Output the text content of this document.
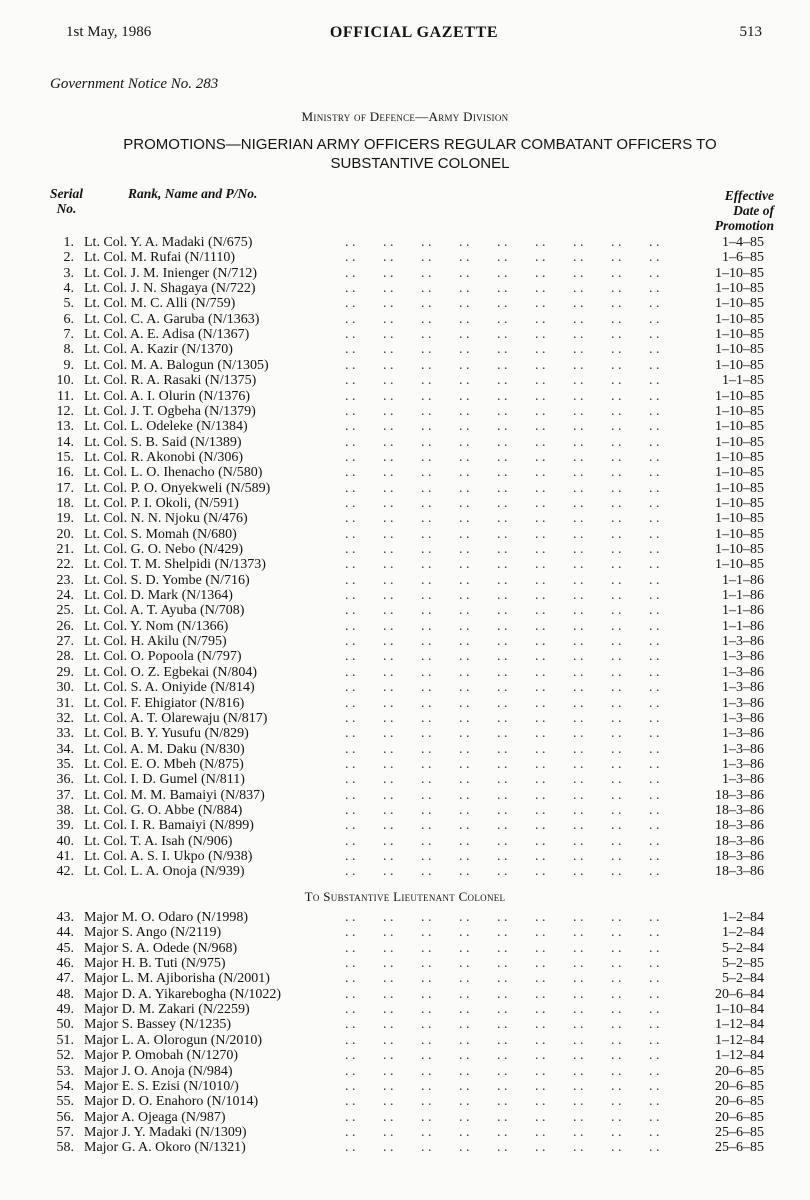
1st May, 1986	OFFICIAL GAZETTE	513
Government Notice No. 283
Ministry of Defence—Army Division
PROMOTIONS—NIGERIAN ARMY OFFICERS REGULAR COMBATANT OFFICERS TO
SUBSTANTIVE COLONEL
Serial
No.
Rank, Name and P/No.	Effective
Date of
Promotion
1. Lt. Col. Y. A. Madaki (N/675)	. . . . . . . . . . . . . . . . . .	1–4–85
2. Lt. Col. M. Rufai (N/1110)	. . . . . . . . . . . . . . . . . .	1–6–85
3. Lt. Col. J. M. Inienger (N/712)	. . . . . . . . . . . . . . . . . .	1–10–85
4. Lt. Col. J. N. Shagaya (N/722)	. . . . . . . . . . . . . . . . . .	1–10–85
5. Lt. Col. M. C. Alli (N/759)	. . . . . . . . . . . . . . . . . .	1–10–85
6. Lt. Col. C. A. Garuba (N/1363)	. . . . . . . . . . . . . . . . . .	1–10–85
7. Lt. Col. A. E. Adisa (N/1367)	. . . . . . . . . . . . . . . . . .	1–10–85
8. Lt. Col. A. Kazir (N/1370)	. . . . . . . . . . . . . . . . . .	1–10–85
9. Lt. Col. M. A. Balogun (N/1305)	. . . . . . . . . . . . . . . . . .	1–10–85
10. Lt. Col. R. A. Rasaki (N/1375)	. . . . . . . . . . . . . . . . . .	1–1–85
11. Lt. Col. A. I. Olurin (N/1376)	. . . . . . . . . . . . . . . . . .	1–10–85
12. Lt. Col. J. T. Ogbeha (N/1379)	. . . . . . . . . . . . . . . . . .	1–10–85
13. Lt. Col. L. Odeleke (N/1384)	. . . . . . . . . . . . . . . . . .	1–10–85
14. Lt. Col. S. B. Said (N/1389)	. . . . . . . . . . . . . . . . . .	1–10–85
15. Lt. Col. R. Akonobi (N/306)	. . . . . . . . . . . . . . . . . .	1–10–85
16. Lt. Col. L. O. Ihenacho (N/580)	. . . . . . . . . . . . . . . . . .	1–10–85
17. Lt. Col. P. O. Onyekweli (N/589)	. . . . . . . . . . . . . . . . . .	1–10–85
18. Lt. Col. P. I. Okoli, (N/591)	. . . . . . . . . . . . . . . . . .	1–10–85
19. Lt. Col. N. N. Njoku (N/476)	. . . . . . . . . . . . . . . . . .	1–10–85
20. Lt. Col. S. Momah (N/680)	. . . . . . . . . . . . . . . . . .	1–10–85
21. Lt. Col. G. O. Nebo (N/429)	. . . . . . . . . . . . . . . . . .	1–10–85
22. Lt. Col. T. M. Shelpidi (N/1373)	. . . . . . . . . . . . . . . . . .	1–10–85
23. Lt. Col. S. D. Yombe (N/716)	. . . . . . . . . . . . . . . . . .	1–1–86
24. Lt. Col. D. Mark (N/1364)	. . . . . . . . . . . . . . . . . .	1–1–86
25. Lt. Col. A. T. Ayuba (N/708)	. . . . . . . . . . . . . . . . . .	1–1–86
26. Lt. Col. Y. Nom (N/1366)	. . . . . . . . . . . . . . . . . .	1–1–86
27. Lt. Col. H. Akilu (N/795)	. . . . . . . . . . . . . . . . . .	1–3–86
28. Lt. Col. O. Popoola (N/797)	. . . . . . . . . . . . . . . . . .	1–3–86
29. Lt. Col. O. Z. Egbekai (N/804)	. . . . . . . . . . . . . . . . . .	1–3–86
30. Lt. Col. S. A. Oniyide (N/814)	. . . . . . . . . . . . . . . . . .	1–3–86
31. Lt. Col. F. Ehigiator (N/816)	. . . . . . . . . . . . . . . . . .	1–3–86
32. Lt. Col. A. T. Olarewaju (N/817)	. . . . . . . . . . . . . . . . . .	1–3–86
33. Lt. Col. B. Y. Yusufu (N/829)	. . . . . . . . . . . . . . . . . .	1–3–86
34. Lt. Col. A. M. Daku (N/830)	. . . . . . . . . . . . . . . . . .	1–3–86
35. Lt. Col. E. O. Mbeh (N/875)	. . . . . . . . . . . . . . . . . .	1–3–86
36. Lt. Col. I. D. Gumel (N/811)	. . . . . . . . . . . . . . . . . .	1–3–86
37. Lt. Col. M. M. Bamaiyi (N/837)	. . . . . . . . . . . . . . . . . .	18–3–86
38. Lt. Col. G. O. Abbe (N/884)	. . . . . . . . . . . . . . . . . .	18–3–86
39. Lt. Col. I. R. Bamaiyi (N/899)	. . . . . . . . . . . . . . . . . .	18–3–86
40. Lt. Col. T. A. Isah (N/906)	. . . . . . . . . . . . . . . . . .	18–3–86
41. Lt. Col. A. S. I. Ukpo (N/938)	. . . . . . . . . . . . . . . . . .	18–3–86
42. Lt. Col. L. A. Onoja (N/939)	. . . . . . . . . . . . . . . . . .	18–3–86
To Substantive Lieutenant Colonel
43. Major M. O. Odaro (N/1998)	. . . . . . . . . . . . . . . . . .	1–2–84
44. Major S. Ango (N/2119)	. . . . . . . . . . . . . . . . . .	1–2–84
45. Major S. A. Odede (N/968)	. . . . . . . . . . . . . . . . . .	5–2–84
46. Major H. B. Tuti (N/975)	. . . . . . . . . . . . . . . . . .	5–2–85
47. Major L. M. Ajiborisha (N/2001)	. . . . . . . . . . . . . . . . . .	5–2–84
48. Major D. A. Yikarebogha (N/1022)	. . . . . . . . . . . . . . . . . .	20–6–84
49. Major D. M. Zakari (N/2259)	. . . . . . . . . . . . . . . . . .	1–10–84
50. Major S. Bassey (N/1235)	. . . . . . . . . . . . . . . . . .	1–12–84
51. Major L. A. Olorogun (N/2010)	. . . . . . . . . . . . . . . . . .	1–12–84
52. Major P. Omobah (N/1270)	. . . . . . . . . . . . . . . . . .	1–12–84
53. Major J. O. Anoja (N/984)	. . . . . . . . . . . . . . . . . .	20–6–85
54. Major E. S. Ezisi (N/1010/)	. . . . . . . . . . . . . . . . . .	20–6–85
55. Major D. O. Enahoro (N/1014)	. . . . . . . . . . . . . . . . . .	20–6–85
56. Major A. Ojeaga (N/987)	. . . . . . . . . . . . . . . . . .	20–6–85
57. Major J. Y. Madaki (N/1309)	. . . . . . . . . . . . . . . . . .	25–6–85
58. Major G. A. Okoro (N/1321)	. . . . . . . . . . . . . . . . . .	25–6–85
